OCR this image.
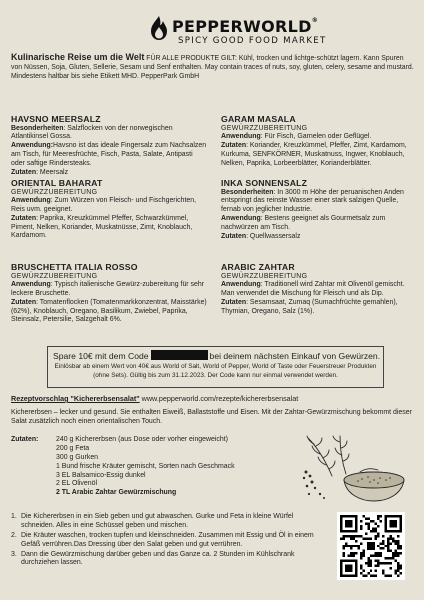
PEPPERWORLD®
SPICY GOOD FOOD MARKET
Kulinarische Reise um die Welt FÜR ALLE PRODUKTE GILT: Kühl, trocken und lichtge-schützt lagern. Kann Spuren von Nüssen, Soja, Gluten, Sellerie, Sesam und Senf enthalten. May contain traces of nuts, soy, gluten, celery, sesame and mustard. Mindestens haltbar bis siehe Etikett MHD. PepperPark GmbH
HAVSNO MEERSALZ

Besonderheiten: Salzflocken von der norwegischen Atlantikinsel Gossa.

Anwendung:Havsno ist das ideale Fingersalz zum Nachsalzen am Tisch, für Meeresfrüchte, Fisch, Pasta, Salate, Antipasti oder saftige Rindersteaks.

Zutaten: Meersalz

GARAM MASALA
GEWÜRZZUBEREITUNG

Anwendung: Für Fisch, Garnelen oder Geflügel.

Zutaten: Koriander, Kreuzkümmel, Pfeffer, Zimt, Kardamom, Kurkuma, SENFKÖRNER, Muskatnuss, Ingwer, Knoblauch, Nelken, Paprika, Lorbeerblätter, Korianderblätter.

ORIENTAL BAHARAT
GEWÜRZZUBEREITUNG

Anwendung: Zum Würzen von Fleisch- und Fischgerichten, Reis uvm. geeignet.

Zutaten: Paprika, Kreuzkümmel Pfeffer, Schwarzkümmel, Piment, Nelken, Koriander, Muskatnüsse, Zimt, Knoblauch, Kardamom.

INKA SONNENSALZ

Besonderheiten: In 3000 m Höhe der peruanischen Anden entspringt das reinste Wasser einer stark salzigen Quelle, fernab von jeglicher Industrie.

Anwendung: Bestens geeignet als Gourmetsalz zum nachwürzen am Tisch.

Zutaten: Quellwassersalz

BRUSCHETTA ITALIA ROSSO
GEWÜRZZUBEREITUNG

Anwendung: Typisch italienische Gewürz-zubereitung für sehr leckere Bruschette.

Zutaten: Tomatenflocken (Tomatenmarkkonzentrat, Maisstärke) (62%), Knoblauch, Oregano, Basilikum, Zwiebel, Paprika, Steinsalz, Petersilie, Salzgehalt 6%.

ARABIC ZAHTAR
GEWÜRZZUBEREITUNG

Anwendung: Traditionell wird Zahtar mit Olivenöl gemischt. Man verwendet die Mischung für Fleisch und als Dip.

Zutaten: Sesamsaat, Zumaq (Sumachfrüchte gemahlen), Thymian, Oregano, Salz (1%).

Spare 10€ mit dem Code	bei deinem nächsten Einkauf von Gewürzen.
Einlösbar ab einem Wert von 40€ aus World of Salt, World of Pepper, World of Taste oder Feuerstreuer Produkten (ohne Sets). Gültig bis zum 31.12.2023. Der Code kann nur einmal verwendet werden.
Rezeptvorschlag "Kichererbsensalat" www.pepperworld.com/rezepte/kichererbsensalat
Kichererbsen – lecker und gesund. Sie enthalten Eiweiß, Ballaststoffe und Eisen. Mit der Zahtar-Gewürzmischung bekommt dieser Salat zusätzlich noch einen orientalischen Touch.
Zutaten:	240 g Kichererbsen (aus Dose oder vorher eingeweicht)
200 g Feta
300 g Gurken
1 Bund frische Kräuter gemischt, Sorten nach Geschmack
3 EL Balsamico-Essig dunkel
2 EL Olivenöl
2 TL Arabic Zahtar Gewürzmischung
1. Die Kichererbsen in ein Sieb geben und gut abwaschen. Gurke und Feta in kleine Würfel schneiden. Alles in eine Schüssel geben und mischen.
2. Die Kräuter waschen, trocken tupfen und kleinschneiden. Zusammen mit Essig und Öl in einem Gefäß verrühren.Das Dressing über den Salat geben und gut verrühren.
3. Dann die Gewürzmischung darüber geben und das Ganze ca. 2 Stunden im Kühlschrank durchziehen lassen.
